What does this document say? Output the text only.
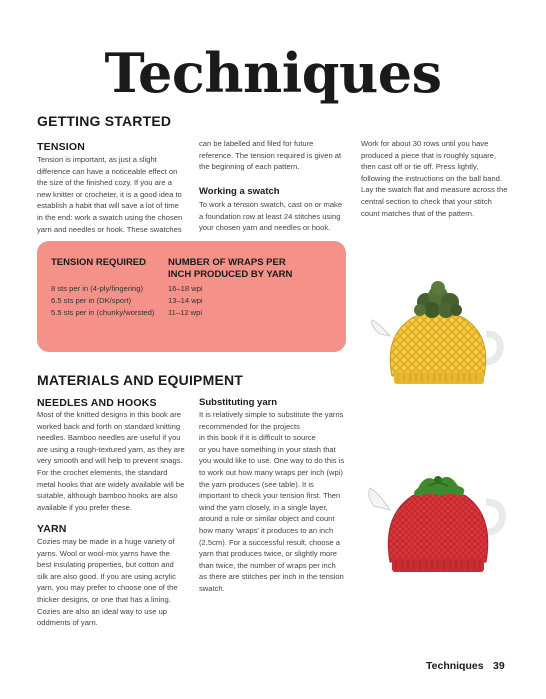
Techniques
GETTING STARTED
TENSION

Tension is important, as just a slight

difference can have a noticeable effect on

the size of the finished cozy. If you are a

new knitter or crocheter, it is a good idea to

establish a habit that will save a lot of time

in the end: work a swatch using the chosen

yarn and needles or hook. These swatches

can be labelled and filed for future

reference. The tension required is given at

the beginning of each pattern.

Working a swatch

To work a tension swatch, cast on or make

a foundation row at least 24 stitches using

your chosen yarn and needles or hook.

Work for about 30 rows until you have

produced a piece that is roughly square,

then cast off or tie off. Press lightly,

following the instructions on the ball band.

Lay the swatch flat and measure across the

central section to check that your stitch

count matches that of the pattern.

TENSION REQUIRED NUMBER OF WRAPS PER
INCH PRODUCED BY YARN
8 sts per in (4-ply/fingering)	16–18 wpi
6.5 sts per in (DK/sport)	13–14 wpi
5.5 sts per in (chunky/worsted) 11–12 wpi
MATERIALS AND EQUIPMENT
NEEDLES AND HOOKS

Most of the knitted designs in this book are

worked back and forth on standard knitting

needles. Bamboo needles are useful if you

are using a rough-textured yarn, as they are

very smooth and will help to prevent snags.

For the crochet elements, the standard

metal hooks that are widely available will be

suitable, although bamboo hooks are also

available if you prefer these.

YARN

Cozies may be made in a huge variety of

yarns. Wool or wool-mix yarns have the

best insulating properties, but cotton and

silk are also good. If you are using acrylic

yarn, you may prefer to choose one of the

thicker designs, or one that has a lining.

Cozies are also an ideal way to use up

oddments of yarn.

Substituting yarn

It is relatively simple to substitute the yarns

recommended for the projects

in this book if it is difficult to source

or you have something in your stash that

you would like to use. One way to do this is

to work out how many wraps per inch (wpi)

the yarn produces (see table). It is

important to check your tension first. Then

wind the yarn closely, in a single layer,

around a rule or similar object and count

how many 'wraps' it produces to an inch

(2.5cm). For a successful result, choose a

yarn that produces twice, or slightly more

than twice, the number of wraps per inch

as there are stitches per inch in the tension

swatch.

Techniques 39
